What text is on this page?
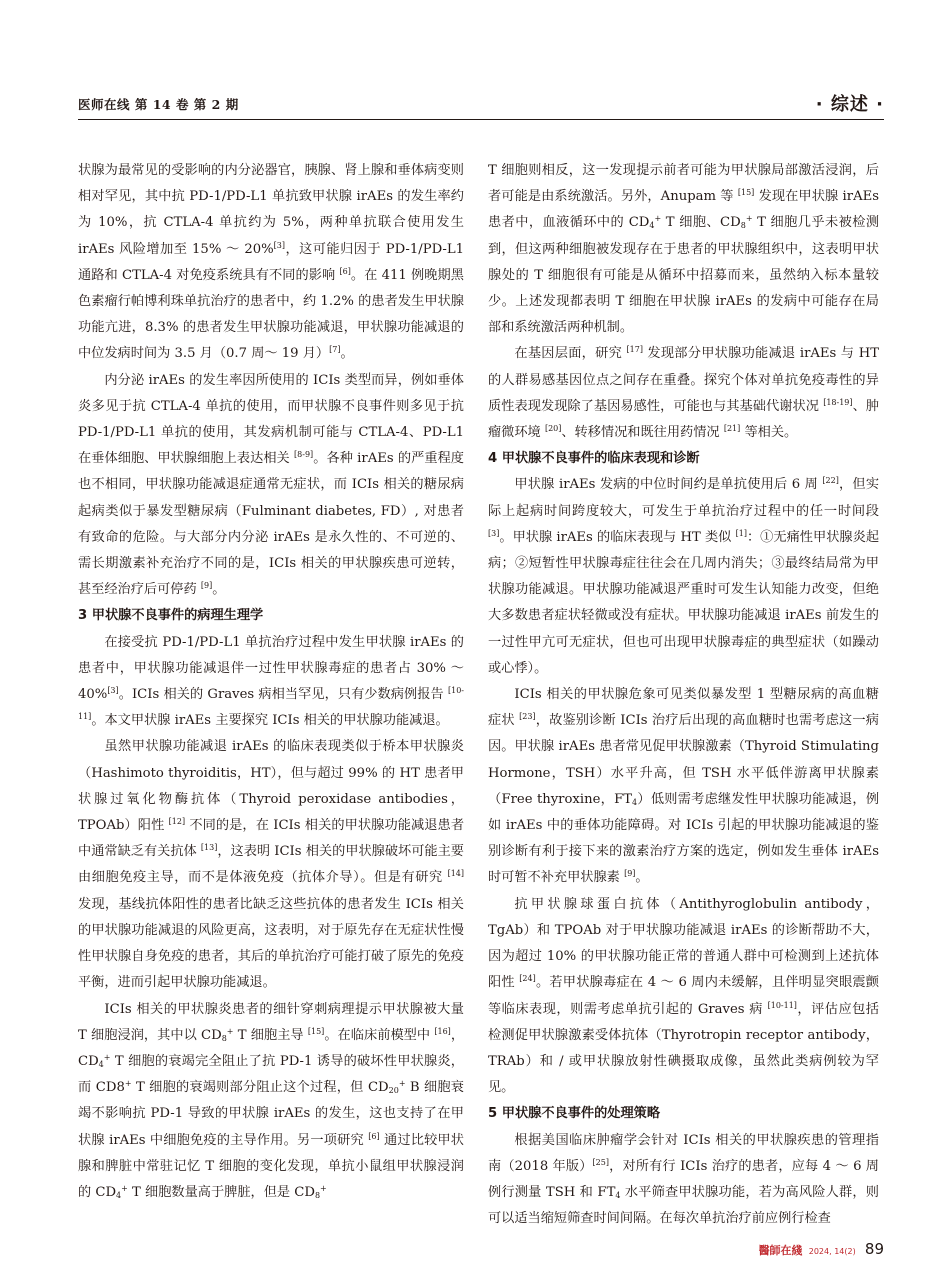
医师在线 第 14 卷 第 2 期	· 综述 ·

状腺为最常见的受影响的内分泌器官，胰腺、肾上腺和垂体病变则相对罕见，其中抗 PD-1/PD-L1 单抗致甲状腺 irAEs 的发生率约为 10%，抗 CTLA-4 单抗约为 5%，两种单抗联合使用发生 irAEs 风险增加至 15% ～ 20%[3]，这可能归因于 PD-1/PD-L1 通路和 CTLA-4 对免疫系统具有不同的影响 [6]。在 411 例晚期黑色素瘤行帕博利珠单抗治疗的患者中，约 1.2% 的患者发生甲状腺功能亢进，8.3% 的患者发生甲状腺功能减退，甲状腺功能减退的中位发病时间为 3.5 月（0.7 周～ 19 月）[7]。

内分泌 irAEs 的发生率因所使用的 ICIs 类型而异，例如垂体炎多见于抗 CTLA-4 单抗的使用，而甲状腺不良事件则多见于抗 PD-1/PD-L1 单抗的使用，其发病机制可能与 CTLA-4、PD-L1 在垂体细胞、甲状腺细胞上表达相关 [8-9]。各种 irAEs 的严重程度也不相同，甲状腺功能减退症通常无症状，而 ICIs 相关的糖尿病起病类似于暴发型糖尿病（Fulminant diabetes, FD）, 对患者有致命的危险。与大部分内分泌 irAEs 是永久性的、不可逆的、需长期激素补充治疗不同的是，ICIs 相关的甲状腺疾患可逆转，甚至经治疗后可停药 [9]。

3 甲状腺不良事件的病理生理学

在接受抗 PD-1/PD-L1 单抗治疗过程中发生甲状腺 irAEs 的患者中，甲状腺功能减退伴一过性甲状腺毒症的患者占 30% ～ 40%[3]。ICIs 相关的 Graves 病相当罕见，只有少数病例报告 [10-11]。本文甲状腺 irAEs 主要探究 ICIs 相关的甲状腺功能减退。

虽然甲状腺功能减退 irAEs 的临床表现类似于桥本甲状腺炎（Hashimoto thyroiditis，HT），但与超过 99% 的 HT 患者甲状腺过氧化物酶抗体（Thyroid peroxidase antibodies，TPOAb）阳性 [12] 不同的是，在 ICIs 相关的甲状腺功能减退患者中通常缺乏有关抗体 [13]，这表明 ICIs 相关的甲状腺破坏可能主要由细胞免疫主导，而不是体液免疫（抗体介导）。但是有研究 [14] 发现，基线抗体阳性的患者比缺乏这些抗体的患者发生 ICIs 相关的甲状腺功能减退的风险更高，这表明，对于原先存在无症状性慢性甲状腺自身免疫的患者，其后的单抗治疗可能打破了原先的免疫平衡，进而引起甲状腺功能减退。

ICIs 相关的甲状腺炎患者的细针穿刺病理提示甲状腺被大量 T 细胞浸润，其中以 $CD_8^+$ T 细胞主导 [15]。在临床前模型中 [16]，$CD_4^+$ T 细胞的衰竭完全阻止了抗 PD-1 诱导的破坏性甲状腺炎，而 CD8+ T 细胞的衰竭则部分阻止这个过程，但 $CD_{20}^+$ B 细胞衰竭不影响抗 PD-1 导致的甲状腺 irAEs 的发生，这也支持了在甲状腺 irAEs 中细胞免疫的主导作用。另一项研究 [6] 通过比较甲状腺和脾脏中常驻记忆 T 细胞的变化发现，单抗小鼠组甲状腺浸润的 $CD_4^+$ T 细胞数量高于脾脏，但是 $CD_8^+$

T 细胞则相反，这一发现提示前者可能为甲状腺局部激活浸润，后者可能是由系统激活。另外，Anupam 等 [15] 发现在甲状腺 irAEs 患者中，血液循环中的 $CD_4^+$ T 细胞、$CD_8^+$ T 细胞几乎未被检测到，但这两种细胞被发现存在于患者的甲状腺组织中，这表明甲状腺处的 T 细胞很有可能是从循环中招募而来，虽然纳入标本量较少。上述发现都表明 T 细胞在甲状腺 irAEs 的发病中可能存在局部和系统激活两种机制。

在基因层面，研究 [17] 发现部分甲状腺功能减退 irAEs 与 HT 的人群易感基因位点之间存在重叠。探究个体对单抗免疫毒性的异质性表现发现除了基因易感性，可能也与其基础代谢状况 [18-19]、肿瘤微环境 [20]、转移情况和既往用药情况 [21] 等相关。

4 甲状腺不良事件的临床表现和诊断

甲状腺 irAEs 发病的中位时间约是单抗使用后 6 周 [22]，但实际上起病时间跨度较大，可发生于单抗治疗过程中的任一时间段 [3]。甲状腺 irAEs 的临床表现与 HT 类似 [1]：①无痛性甲状腺炎起病；②短暂性甲状腺毒症往往会在几周内消失；③最终结局常为甲状腺功能减退。甲状腺功能减退严重时可发生认知能力改变，但绝大多数患者症状轻微或没有症状。甲状腺功能减退 irAEs 前发生的一过性甲亢可无症状，但也可出现甲状腺毒症的典型症状（如躁动或心悸）。

ICIs 相关的甲状腺危象可见类似暴发型 1 型糖尿病的高血糖症状 [23]，故鉴别诊断 ICIs 治疗后出现的高血糖时也需考虑这一病因。甲状腺 irAEs 患者常见促甲状腺激素（Thyroid Stimulating Hormone，TSH）水平升高，但 TSH 水平低伴游离甲状腺素（Free thyroxine，$FT_4$）低则需考虑继发性甲状腺功能减退，例如 irAEs 中的垂体功能障碍。对 ICIs 引起的甲状腺功能减退的鉴别诊断有利于接下来的激素治疗方案的选定，例如发生垂体 irAEs 时可暂不补充甲状腺素 [9]。

抗甲状腺球蛋白抗体（Antithyroglobulin antibody，TgAb）和 TPOAb 对于甲状腺功能减退 irAEs 的诊断帮助不大，因为超过 10% 的甲状腺功能正常的普通人群中可检测到上述抗体阳性 [24]。若甲状腺毒症在 4 ～ 6 周内未缓解，且伴明显突眼震颤等临床表现，则需考虑单抗引起的 Graves 病 [10-11]，评估应包括检测促甲状腺激素受体抗体（Thyrotropin receptor antibody，TRAb）和 / 或甲状腺放射性碘摄取成像，虽然此类病例较为罕见。

5 甲状腺不良事件的处理策略

根据美国临床肿瘤学会针对 ICIs 相关的甲状腺疾患的管理指南（2018 年版）[25]，对所有行 ICIs 治疗的患者，应每 4 ～ 6 周例行测量 TSH 和 $FT_4$ 水平筛查甲状腺功能，若为高风险人群，则可以适当缩短筛查时间间隔。在每次单抗治疗前应例行检查

醫師在綫 2024, 14(2) 89
